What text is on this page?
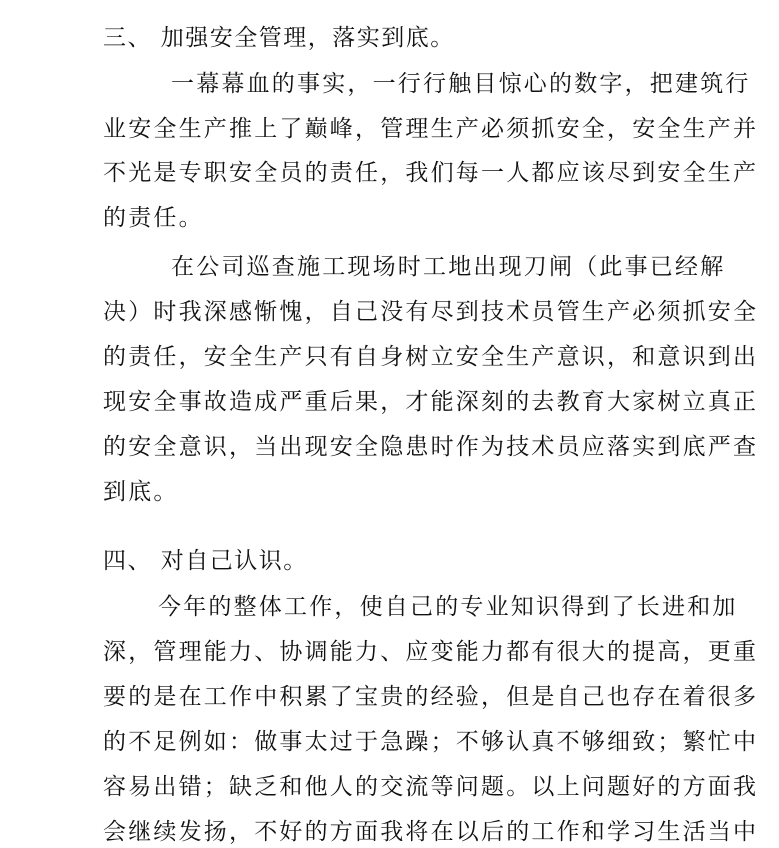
三、 加强安全管理，落实到底。
一幕幕血的事实，一行行触目惊心的数字，把建筑行
业安全生产推上了巅峰，管理生产必须抓安全，安全生产并
不光是专职安全员的责任，我们每一人都应该尽到安全生产
的责任。
在公司巡查施工现场时工地出现刀闸（此事已经解
决）时我深感惭愧，自己没有尽到技术员管生产必须抓安全
的责任，安全生产只有自身树立安全生产意识，和意识到出
现安全事故造成严重后果，才能深刻的去教育大家树立真正
的安全意识，当出现安全隐患时作为技术员应落实到底严查
到底。
四、 对自己认识。
今年的整体工作，使自己的专业知识得到了长进和加
深，管理能力、协调能力、应变能力都有很大的提高，更重
要的是在工作中积累了宝贵的经验，但是自己也存在着很多
的不足例如：做事太过于急躁；不够认真不够细致；繁忙中
容易出错；缺乏和他人的交流等问题。以上问题好的方面我
会继续发扬，不好的方面我将在以后的工作和学习生活当中
